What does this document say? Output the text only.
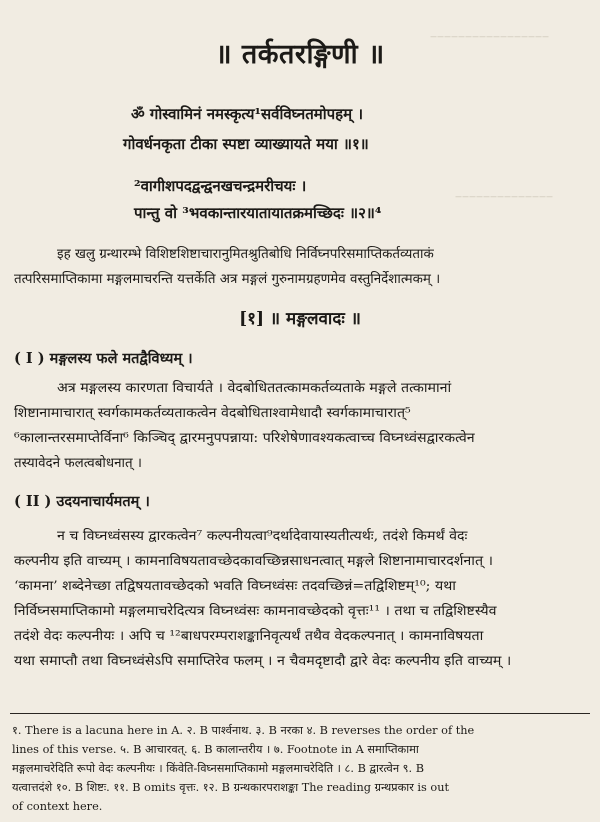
‒‒‒‒‒‒‒‒‒‒‒‒‒‒‒‒‒
‒‒‒‒‒‒‒‒‒‒‒‒‒‒
॥ तर्कतरङ्गिणी ॥
ॐ गोस्वामिनं नमस्कृत्य¹सर्वविघ्नतमोपहम् ।
गोवर्धनकृता टीका स्पष्टा व्याख्यायते मया ॥१॥
²वागीशपदद्वन्द्वनखचन्द्रमरीचयः ।
पान्तु वो ³भवकान्तारयातायातक्रमच्छिदः ॥२॥⁴
इह खलु ग्रन्थारम्भे विशिष्टशिष्टाचारानुमितश्रुतिबोधि निर्विघ्नपरिसमाप्तिकर्तव्यताकं
तत्परिसमाप्तिकामा मङ्गलमाचरन्ति यत्तर्केति अत्र मङ्गलं गुरुनामग्रहणमेव वस्तुनिर्देशात्मकम् ।
[१] ॥ मङ्गलवादः ॥
( I ) मङ्गलस्य फले मतद्वैविध्यम् ।
अत्र मङ्गलस्य कारणता विचार्यते । वेदबोधिततत्कामकर्तव्यताके मङ्गले तत्कामानां
शिष्टानामाचारात् स्वर्गकामकर्तव्यताकत्वेन वेदबोधिताश्वामेधादौ स्वर्गकामाचारात्⁵
⁶कालान्तरसमाप्तेर्विना⁶ किञ्चिद् द्वारमनुपपन्नाया: परिशेषेणावश्यकत्वाच्च विघ्नध्वंसद्वारकत्वेन
तस्यावेदने फलत्वबोधनात् ।
( II ) उदयनाचार्यमतम् ।
न च विघ्नध्वंसस्य द्वारकत्वेन⁷ कल्पनीयत्वा⁹दर्थादेवायास्यतीत्यर्थः, तदंशे किमर्थं वेदः
कल्पनीय इति वाच्यम् । कामनाविषयतावच्छेदकावच्छिन्नसाधनत्वात् मङ्गले शिष्टानामाचारदर्शनात् ।
‘कामना’ शब्देनेच्छा तद्विषयतावच्छेदको भवति विघ्नध्वंसः तदवच्छिन्नं=तद्विशिष्टम्¹⁰; यथा
निर्विघ्नसमाप्तिकामो मङ्गलमाचरेदित्यत्र विघ्नध्वंसः कामनावच्छेदको वृत्तः¹¹ । तथा च तद्विशिष्टस्यैव
तदंशे वेदः कल्पनीयः । अपि च ¹²बाधपरम्पराशङ्कानिवृत्यर्थं तथैव वेदकल्पनात् । कामनाविषयता
यथा समाप्तौ तथा विघ्नध्वंसेऽपि समाप्तिरेव फलम् । न चैवमदृष्टादौ द्वारे वेदः कल्पनीय इति वाच्यम् ।
१. There is a lacuna here in A. २. B पार्श्वनाथ. ३. B नरका ४. B reverses the order of the
lines of this verse. ५. B आचारवत्. ६. B कालान्तरीय । ७. Footnote in A समाप्तिकामा
मङ्गलमाचरेदिति रूपो वेदः कल्पनीयः । किंवेति-विघ्नसमाप्तिकामो मङ्गलमाचरेदिति । ८. B द्वारत्वेन ९. B
यत्वात्तदंशे १०. B शिष्टः. ११. B omits वृत्तः. १२. B ग्रन्थकारपराशङ्का The reading ग्रन्थप्रकार is out
of context here.
